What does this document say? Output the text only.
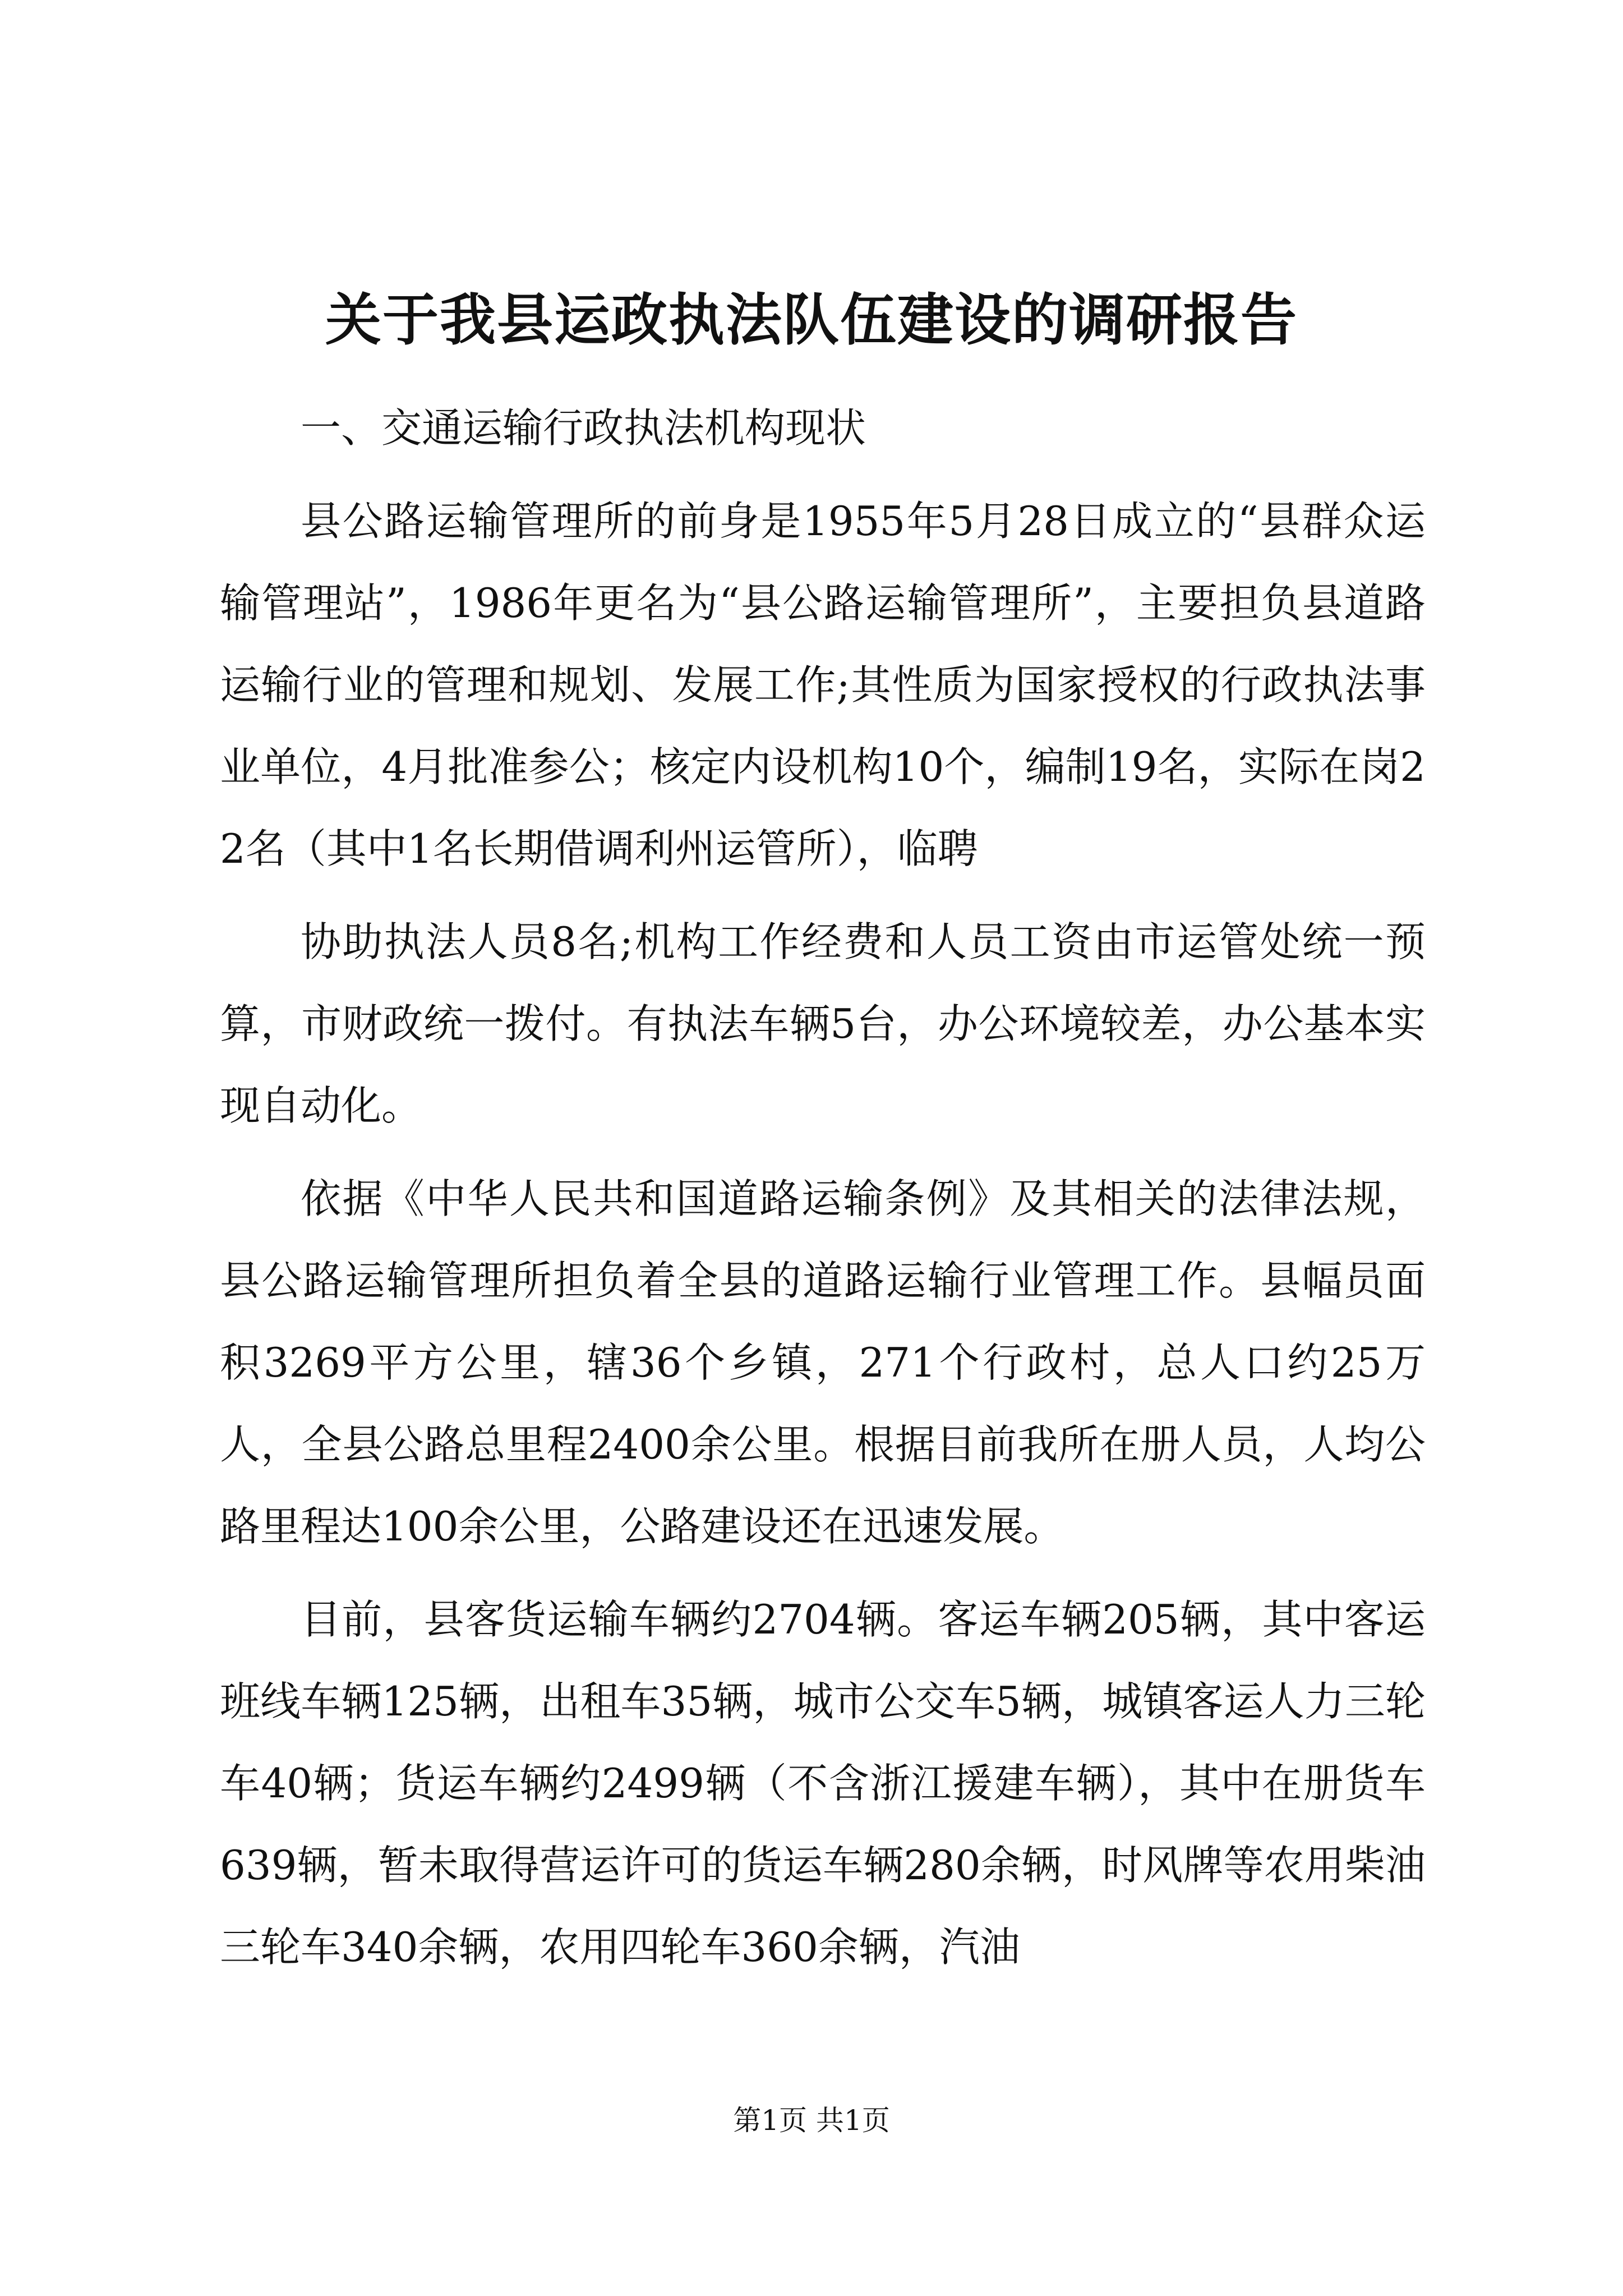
关于我县运政执法队伍建设的调研报告

一、交通运输行政执法机构现状

县公路运输管理所的前身是1955年5月28日成立的“县群众运输管理站”，1986年更名为“县公路运输管理所”，主要担负县道路运输行业的管理和规划、发展工作;其性质为国家授权的行政执法事业单位，4月批准参公；核定内设机构10个，编制19名，实际在岗22名（其中1名长期借调利州运管所），临聘

协助执法人员8名;机构工作经费和人员工资由市运管处统一预算，市财政统一拨付。有执法车辆5台，办公环境较差，办公基本实现自动化。

依据《中华人民共和国道路运输条例》及其相关的法律法规，县公路运输管理所担负着全县的道路运输行业管理工作。县幅员面积3269平方公里，辖36个乡镇，271个行政村，总人口约25万人，全县公路总里程2400余公里。根据目前我所在册人员，人均公路里程达100余公里，公路建设还在迅速发展。

目前，县客货运输车辆约2704辆。客运车辆205辆，其中客运班线车辆125辆，出租车35辆，城市公交车5辆，城镇客运人力三轮车40辆；货运车辆约2499辆（不含浙江援建车辆），其中在册货车639辆，暂未取得营运许可的货运车辆280余辆，时风牌等农用柴油三轮车340余辆，农用四轮车360余辆，汽油

第1页 共1页
